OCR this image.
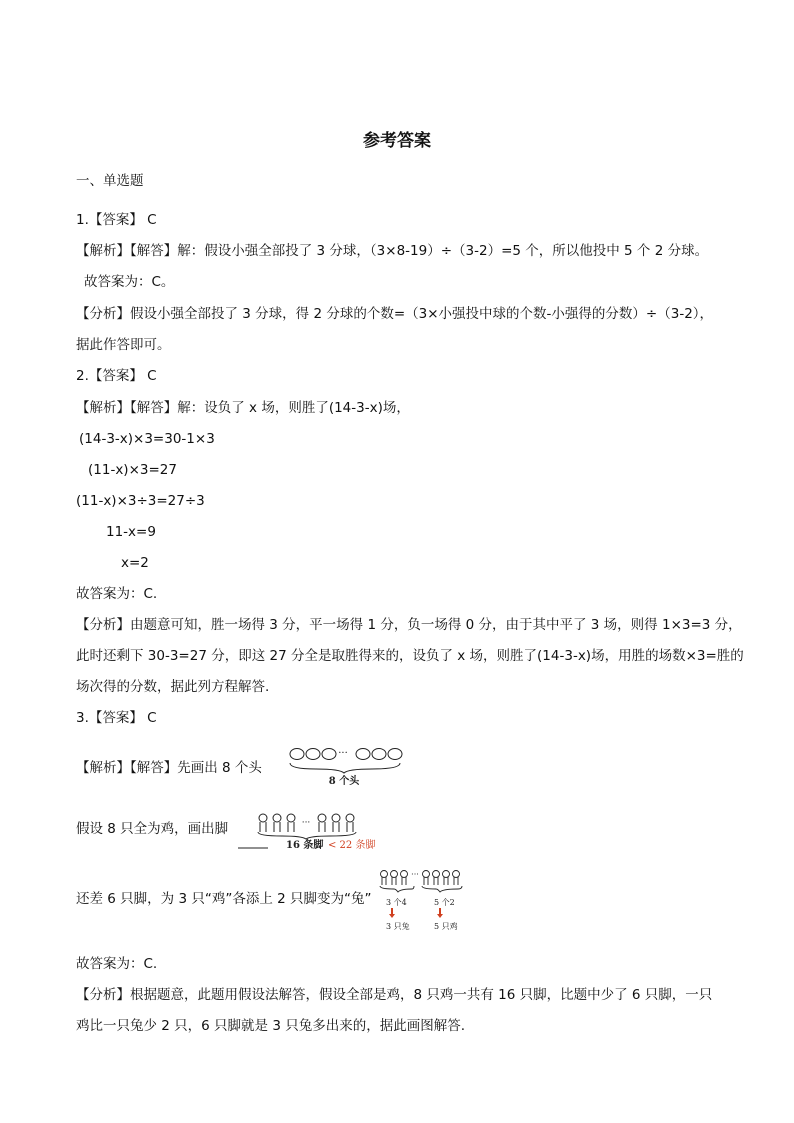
参考答案
一、单选题
1.【答案】 C
【解析】【解答】解：假设小强全部投了 3 分球，（3×8-19）÷（3-2）=5 个，所以他投中 5 个 2 分球。
故答案为：C。
【分析】假设小强全部投了 3 分球，得 2 分球的个数=（3×小强投中球的个数-小强得的分数）÷（3-2），
据此作答即可。
2.【答案】 C
【解析】【解答】解：设负了 x 场，则胜了(14-3-x)场，
(14-3-x)×3=30-1×3
(11-x)×3=27
(11-x)×3÷3=27÷3
11-x=9
x=2
故答案为：C.
【分析】由题意可知，胜一场得 3 分，平一场得 1 分，负一场得 0 分，由于其中平了 3 场，则得 1×3=3 分，
此时还剩下 30-3=27 分，即这 27 分全是取胜得来的，设负了 x 场，则胜了(14-3-x)场，用胜的场数×3=胜的
场次得的分数，据此列方程解答.
3.【答案】 C
【解析】【解答】先画出 8 个头
···
8 个头
假设 8 只全为鸡，画出脚	···
16 条脚 < 22 条脚
还差 6 只脚，为 3 只“鸡”各添上 2 只脚变为“兔”
···
3 个4	5 个2
3 只兔	5 只鸡
故答案为：C.
【分析】根据题意，此题用假设法解答，假设全部是鸡，8 只鸡一共有 16 只脚，比题中少了 6 只脚，一只
鸡比一只兔少 2 只，6 只脚就是 3 只兔多出来的，据此画图解答.
